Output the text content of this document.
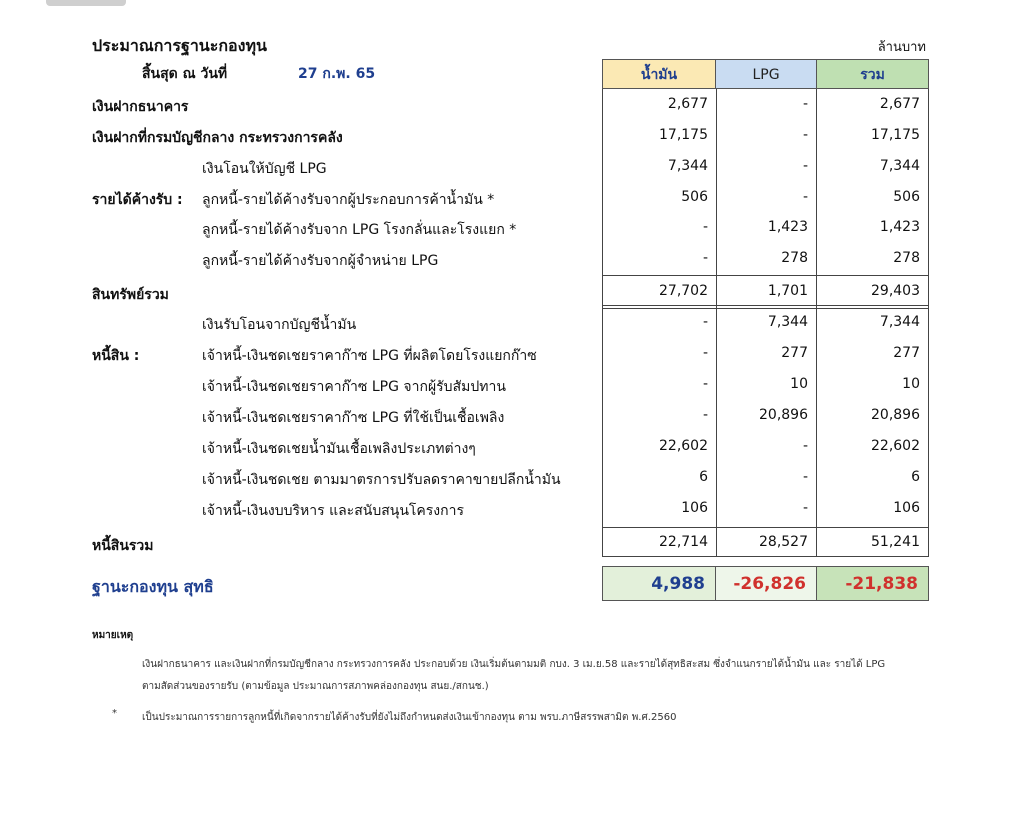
ประมาณการฐานะกองทุน	ล้านบาท
สิ้นสุด ณ วันที่	27 ก.พ. 65	น้ำมัน	LPG	รวม
เงินฝากธนาคาร	2,677	-	2,677
เงินฝากที่กรมบัญชีกลาง กระทรวงการคลัง	17,175	-	17,175
เงินโอนให้บัญชี LPG	7,344	-	7,344
รายได้ค้างรับ : ลูกหนี้-รายได้ค้างรับจากผู้ประกอบการค้าน้ำมัน *	506	-	506
ลูกหนี้-รายได้ค้างรับจาก LPG โรงกลั่นและโรงแยก *	-	1,423	1,423
ลูกหนี้-รายได้ค้างรับจากผู้จำหน่าย LPG	-	278	278
สินทรัพย์รวม	27,702	1,701	29,403
เงินรับโอนจากบัญชีน้ำมัน	-	7,344	7,344
หนี้สิน :	เจ้าหนี้-เงินชดเชยราคาก๊าซ LPG ที่ผลิตโดยโรงแยกก๊าซ	-	277	277
เจ้าหนี้-เงินชดเชยราคาก๊าซ LPG จากผู้รับสัมปทาน	-	10	10
เจ้าหนี้-เงินชดเชยราคาก๊าซ LPG ที่ใช้เป็นเชื้อเพลิง	-	20,896	20,896
เจ้าหนี้-เงินชดเชยน้ำมันเชื้อเพลิงประเภทต่างๆ	22,602	-	22,602
เจ้าหนี้-เงินชดเชย ตามมาตรการปรับลดราคาขายปลีกน้ำมัน	6	-	6
เจ้าหนี้-เงินงบบริหาร และสนับสนุนโครงการ	106	-	106
หนี้สินรวม	22,714	28,527	51,241
ฐานะกองทุน สุทธิ	4,988	-26,826	-21,838
หมายเหตุ
เงินฝากธนาคาร และเงินฝากที่กรมบัญชีกลาง กระทรวงการคลัง ประกอบด้วย เงินเริ่มต้นตามมติ กบง. 3 เม.ย.58 และรายได้สุทธิสะสม ซึ่งจำแนกรายได้น้ำมัน และ รายได้ LPG
ตามสัดส่วนของรายรับ (ตามข้อมูล ประมาณการสภาพคล่องกองทุน สนย./สกนช.)
*	เป็นประมาณการรายการลูกหนี้ที่เกิดจากรายได้ค้างรับที่ยังไม่ถึงกำหนดส่งเงินเข้ากองทุน ตาม พรบ.ภาษีสรรพสามิต พ.ศ.2560
